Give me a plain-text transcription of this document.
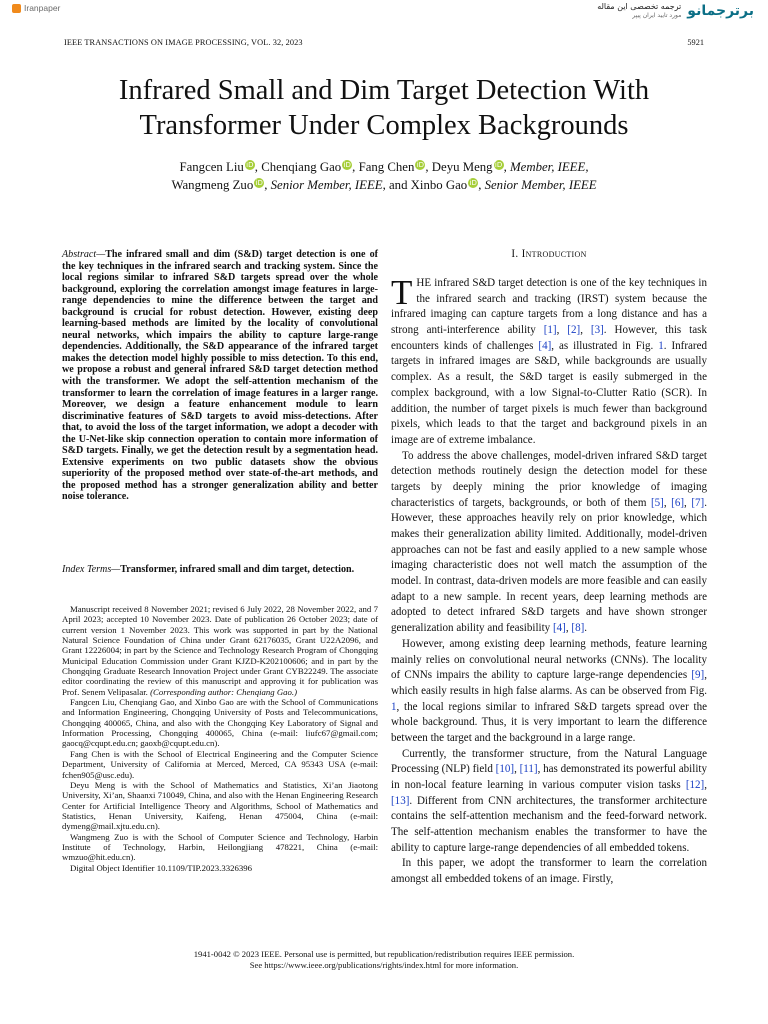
Iranpaper	ترجمه تخصصی این مقاله
مورد تایید ایران پیپر برترجمانو
IEEE TRANSACTIONS ON IMAGE PROCESSING, VOL. 32, 2023	5921
Infrared Small and Dim Target Detection With
Transformer Under Complex Backgrounds
Fangcen Liu iD, Chenqiang Gao iD, Fang Chen iD, Deyu Meng iD, Member, IEEE,
Wangmeng Zuo iD, Senior Member, IEEE, and Xinbo Gao iD, Senior Member, IEEE
Abstract—The infrared small and dim (S&D) target detection is one of the key techniques in the infrared search and tracking system. Since the local regions similar to infrared S&D targets spread over the whole background, exploring the correlation amongst image features in large-range dependencies to mine the difference between the target and background is crucial for robust detection. However, existing deep learning-based methods are limited by the locality of convolutional neural networks, which impairs the ability to capture large-range dependencies. Additionally, the S&D appearance of the infrared target makes the detection model highly possible to miss detection. To this end, we propose a robust and general infrared S&D target detection method with the transformer. We adopt the self-attention mechanism of the transformer to learn the correlation of image features in a larger range. Moreover, we design a feature enhancement module to learn discriminative features of S&D targets to avoid miss-detections. After that, to avoid the loss of the target information, we adopt a decoder with the U-Net-like skip connection operation to contain more information of S&D targets. Finally, we get the detection result by a segmentation head. Extensive experiments on two public datasets show the obvious superiority of the proposed method over state-of-the-art methods, and the proposed method has a stronger generalization ability and better noise tolerance.
Index Terms—Transformer, infrared small and dim target, detection.

Manuscript received 8 November 2021; revised 6 July 2022, 28 November 2022, and 7 April 2023; accepted 10 November 2023. Date of publication 26 October 2023; date of current version 1 November 2023. This work was supported in part by the National Natural Science Foundation of China under Grant 62176035, Grant U22A2096, and Grant 12226004; in part by the Science and Technology Research Program of Chongqing Municipal Education Commission under Grant KJZD-K202100606; and in part by the Chongqing Graduate Research Innovation Project under Grant CYB22249. The associate editor coordinating the review of this manuscript and approving it for publication was Prof. Senem Velipasalar. (Corresponding author: Chenqiang Gao.)

Fangcen Liu, Chenqiang Gao, and Xinbo Gao are with the School of Communications and Information Engineering, Chongqing University of Posts and Telecommunications, Chongqing 400065, China, and also with the Chongqing Key Laboratory of Signal and Information Processing, Chongqing 400065, China (e-mail: liufc67@gmail.com; gaocq@cqupt.edu.cn; gaoxb@cqupt.edu.cn).

Fang Chen is with the School of Electrical Engineering and the Computer Science Department, University of California at Merced, Merced, CA 95343 USA (e-mail: fchen905@usc.edu).

Deyu Meng is with the School of Mathematics and Statistics, Xi’an Jiaotong University, Xi’an, Shaanxi 710049, China, and also with the Henan Engineering Research Center for Artificial Intelligence Theory and Algorithms, School of Mathematics and Statistics, Henan University, Kaifeng, Henan 475004, China (e-mail: dymeng@mail.xjtu.edu.cn).

Wangmeng Zuo is with the School of Computer Science and Technology, Harbin Institute of Technology, Harbin, Heilongjiang 478221, China (e-mail: wmzuo@hit.edu.cn).

Digital Object Identifier 10.1109/TIP.2023.3326396

I. Introduction

THE infrared S&D target detection is one of the key techniques in the infrared search and tracking (IRST) system because the infrared imaging can capture targets from a long distance and has a strong anti-interference ability [1], [2], [3]. However, this task encounters kinds of challenges [4], as illustrated in Fig. 1. Infrared targets in infrared images are S&D, while backgrounds are usually complex. As a result, the S&D target is easily submerged in the complex background, with a low Signal-to-Clutter Ratio (SCR). In addition, the number of target pixels is much fewer than background pixels, which leads to that the target and background pixels in an image are of extreme imbalance.

To address the above challenges, model-driven infrared S&D target detection methods routinely design the detection model for these targets by deeply mining the prior knowledge of imaging characteristics of targets, backgrounds, or both of them [5], [6], [7]. However, these approaches heavily rely on prior knowledge, which makes their generalization ability limited. Additionally, model-driven approaches can not be fast and easily applied to a new sample whose imaging characteristic does not well match the assumption of the model. In contrast, data-driven models are more feasible and can easily adapt to a new sample. In recent years, deep learning methods are adopted to detect infrared S&D targets and have shown stronger generalization ability and feasibility [4], [8].

However, among existing deep learning methods, feature learning mainly relies on convolutional neural networks (CNNs). The locality of CNNs impairs the ability to capture large-range dependencies [9], which easily results in high false alarms. As can be observed from Fig. 1, the local regions similar to infrared S&D targets spread over the whole background. Thus, it is very important to learn the difference between the target and the background in a large range.

Currently, the transformer structure, from the Natural Language Processing (NLP) field [10], [11], has demonstrated its powerful ability in non-local feature learning in various computer vision tasks [12], [13]. Different from CNN architectures, the transformer architecture contains the self-attention mechanism and the feed-forward network. The self-attention mechanism enables the transformer to have the ability to capture large-range dependencies of all embedded tokens.

In this paper, we adopt the transformer to learn the correlation amongst all embedded tokens of an image. Firstly,

1941-0042 © 2023 IEEE. Personal use is permitted, but republication/redistribution requires IEEE permission.
See https://www.ieee.org/publications/rights/index.html for more information.
